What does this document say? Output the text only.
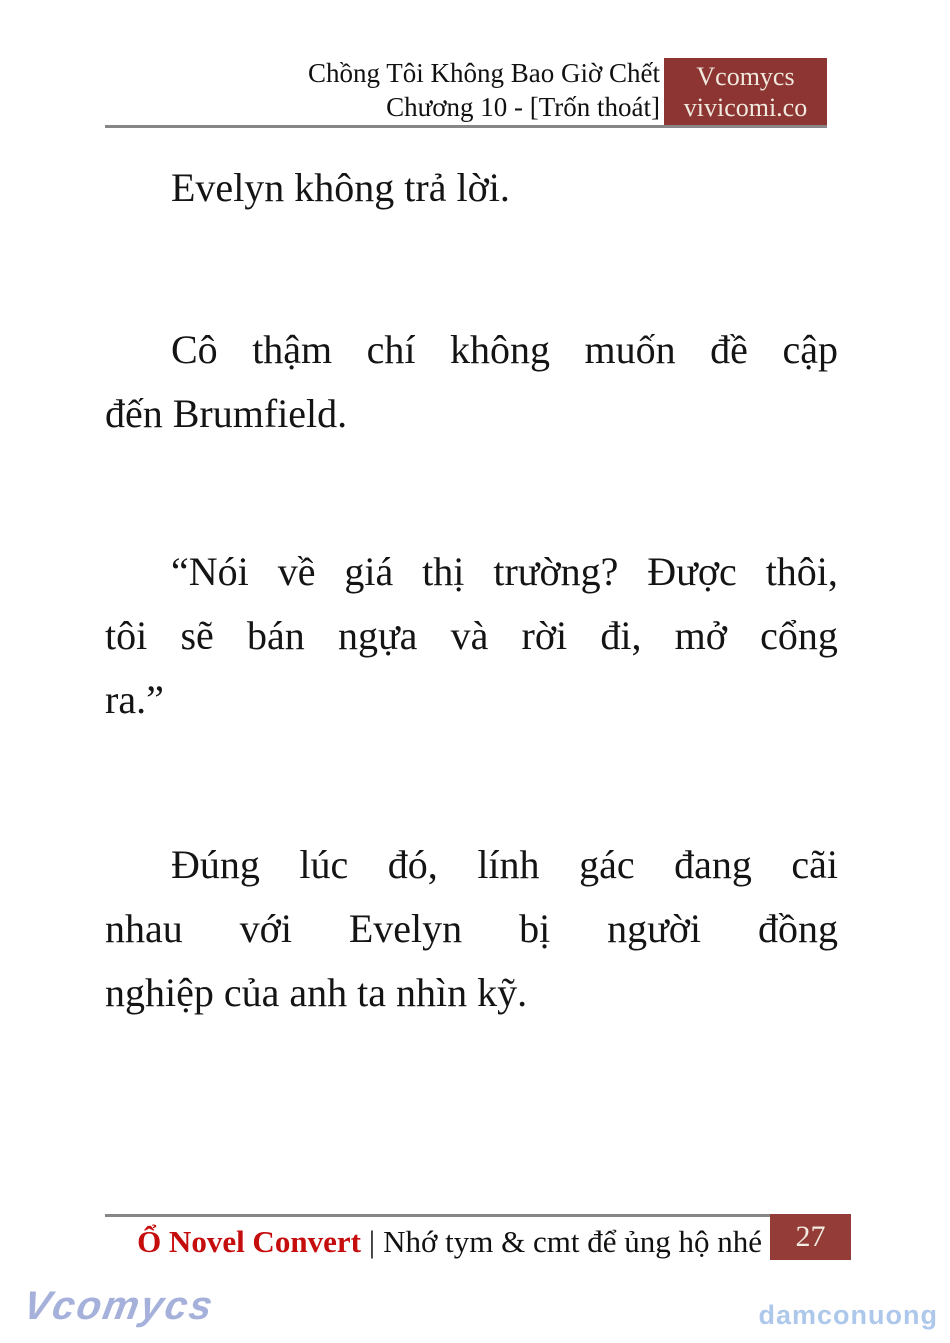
Chồng Tôi Không Bao Giờ Chết
Chương 10 - [Trốn thoát]
Vcomycs
vivicomi.co
Evelyn không trả lời.
Cô thậm chí không muốn đề cập
đến Brumfield.
“Nói về giá thị trường? Được thôi,
tôi sẽ bán ngựa và rời đi, mở cổng
ra.”
Đúng lúc đó, lính gác đang cãi
nhau với Evelyn bị người đồng
nghiệp của anh ta nhìn kỹ.
Ổ Novel Convert | Nhớ tym & cmt để ủng hộ nhé	27
Vcomycs	damconuong
